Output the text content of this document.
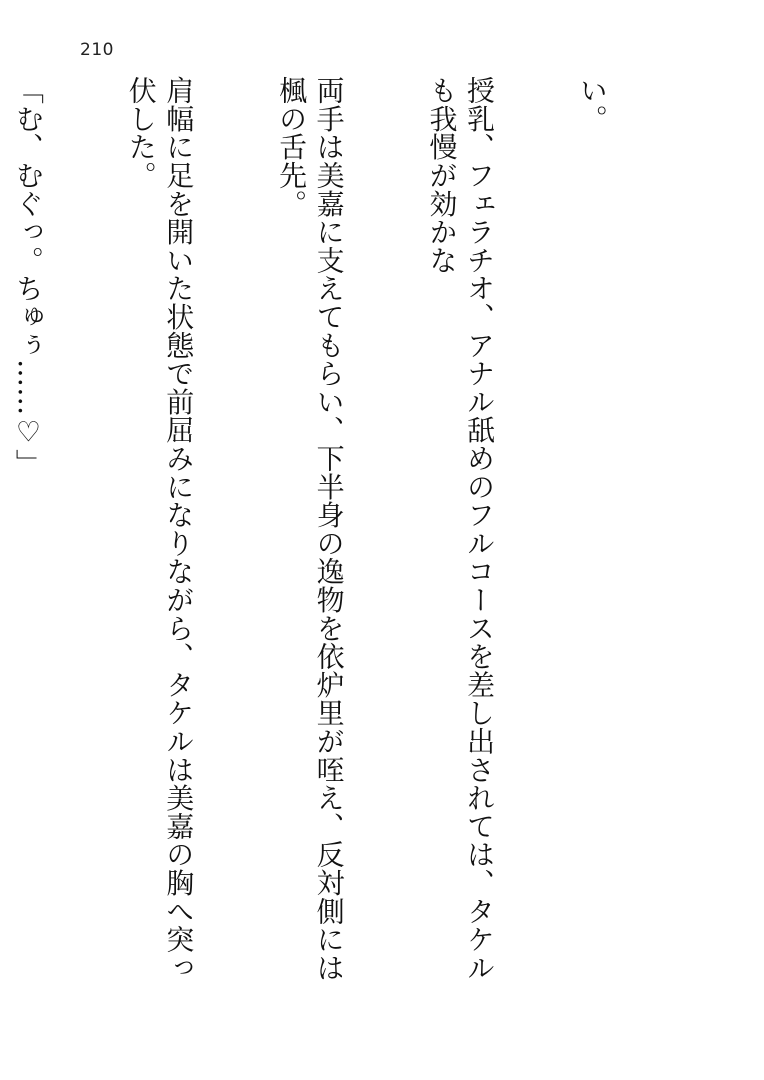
210

い。

授乳、フェラチオ、アナル舐めのフルコースを差し出されては、タケルも我慢が効かな

両手は美嘉に支えてもらい、下半身の逸物を依炉里が咥え、反対側には楓の舌先。

肩幅に足を開いた状態で前屈みになりながら、タケルは美嘉の胸へ突っ伏した。

「む、むぐっ。ちゅぅ……♡」
